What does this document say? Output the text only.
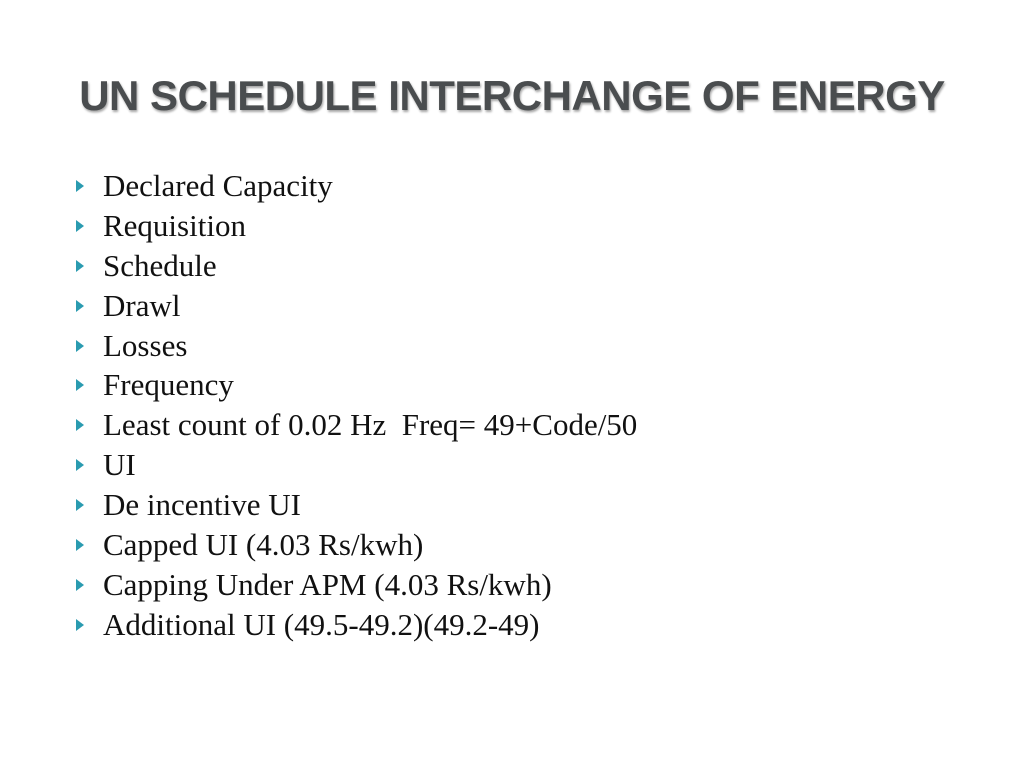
UN SCHEDULE INTERCHANGE OF ENERGY
Declared Capacity
Requisition
Schedule
Drawl
Losses
Frequency
Least count of 0.02 Hz  Freq= 49+Code/50
UI
De incentive UI
Capped UI (4.03 Rs/kwh)
Capping Under APM (4.03 Rs/kwh)
Additional UI (49.5-49.2)(49.2-49)
